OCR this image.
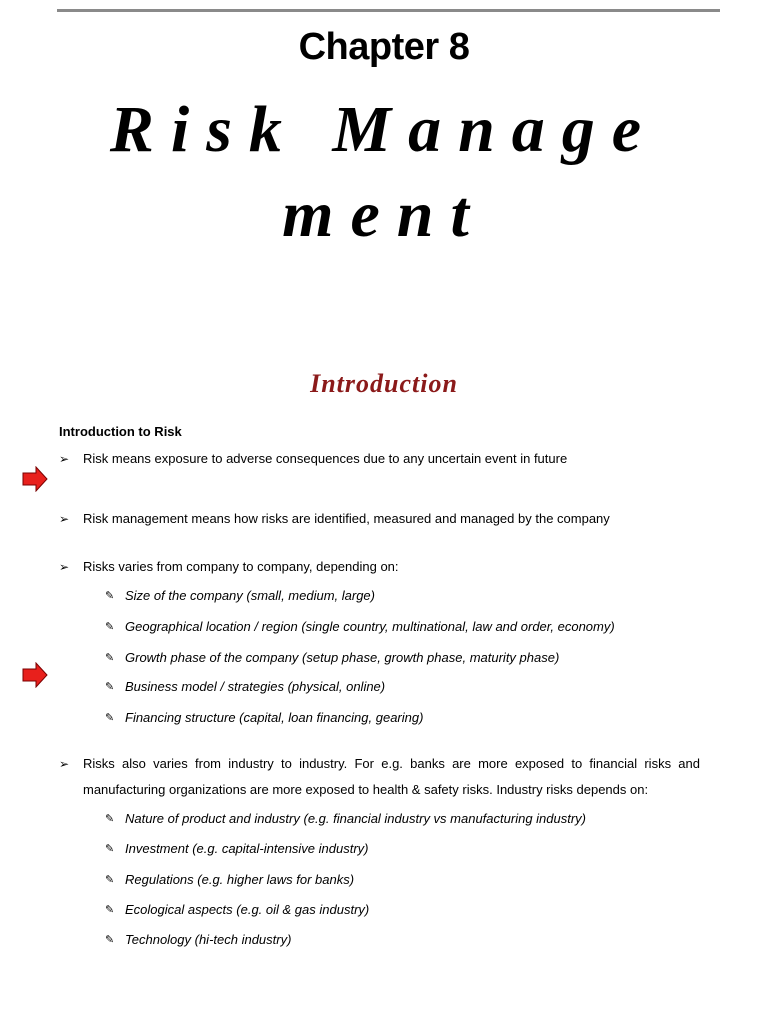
Chapter 8
Risk Manage
ment
Introduction
Introduction to Risk
➢	Risk means exposure to adverse consequences due to any uncertain event in future
➢	Risk management means how risks are identified, measured and managed by the company
➢	Risks varies from company to company, depending on:
✎ Size of the company (small, medium, large)
✎ Geographical location / region (single country, multinational, law and order, economy)
✎ Growth phase of the company (setup phase, growth phase, maturity phase)
✎ Business model / strategies (physical, online)
✎ Financing structure (capital, loan financing, gearing)
➢	Risks also varies from industry to industry. For e.g. banks are more exposed to financial risks and manufacturing organizations are more exposed to health & safety risks. Industry risks depends on:
✎ Nature of product and industry (e.g. financial industry vs manufacturing industry)
✎ Investment (e.g. capital-intensive industry)
✎ Regulations (e.g. higher laws for banks)
✎ Ecological aspects (e.g. oil & gas industry)
✎ Technology (hi-tech industry)
